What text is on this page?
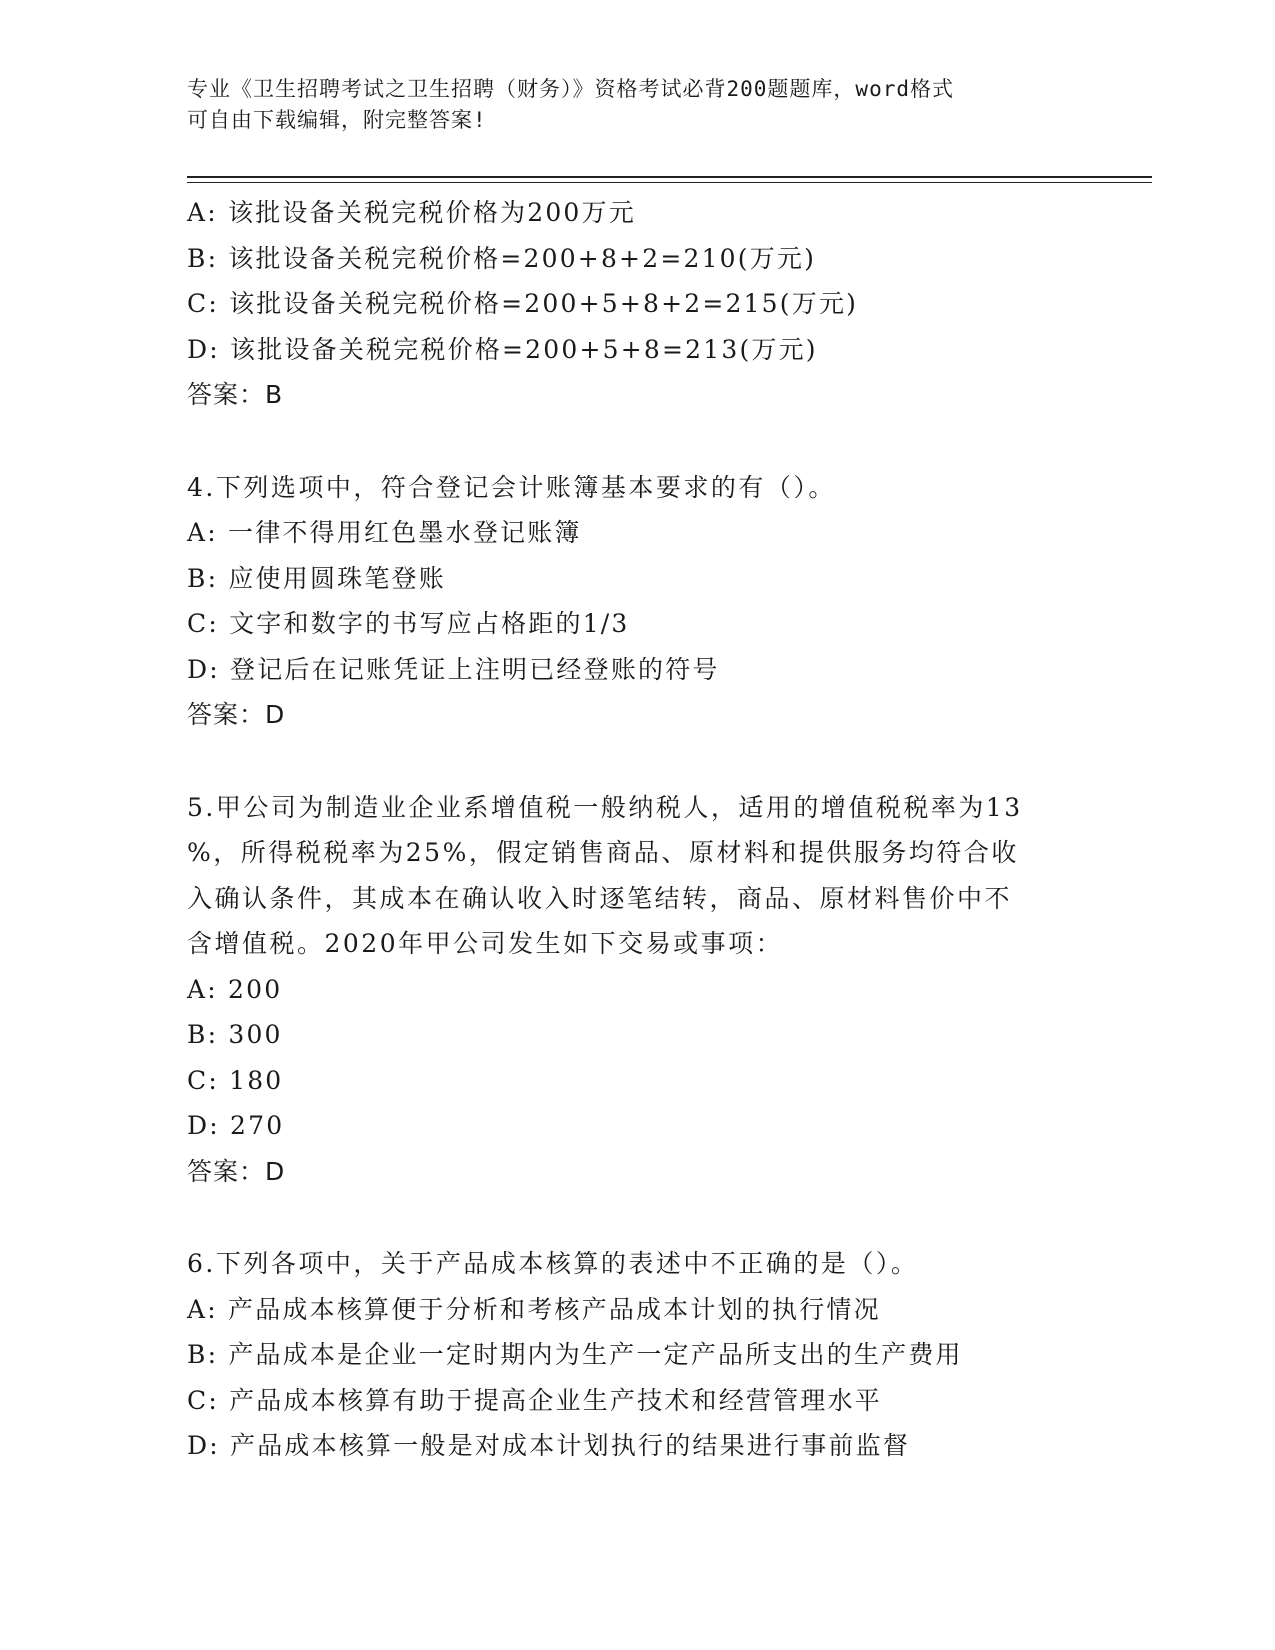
专业《卫生招聘考试之卫生招聘（财务）》资格考试必背200题题库，word格式
可自由下载编辑，附完整答案!
A: 该批设备关税完税价格为200万元
B: 该批设备关税完税价格=200+8+2=210(万元)
C: 该批设备关税完税价格=200+5+8+2=215(万元)
D: 该批设备关税完税价格=200+5+8=213(万元)
答案：B
4.下列选项中，符合登记会计账簿基本要求的有（）。
A: 一律不得用红色墨水登记账簿
B: 应使用圆珠笔登账
C: 文字和数字的书写应占格距的1/3
D: 登记后在记账凭证上注明已经登账的符号
答案：D
5.甲公司为制造业企业系增值税一般纳税人，适用的增值税税率为13
%，所得税税率为25%，假定销售商品、原材料和提供服务均符合收
入确认条件，其成本在确认收入时逐笔结转，商品、原材料售价中不
含增值税。2020年甲公司发生如下交易或事项：
A: 200
B: 300
C: 180
D: 270
答案：D
6.下列各项中，关于产品成本核算的表述中不正确的是（）。
A: 产品成本核算便于分析和考核产品成本计划的执行情况
B: 产品成本是企业一定时期内为生产一定产品所支出的生产费用
C: 产品成本核算有助于提高企业生产技术和经营管理水平
D: 产品成本核算一般是对成本计划执行的结果进行事前监督
